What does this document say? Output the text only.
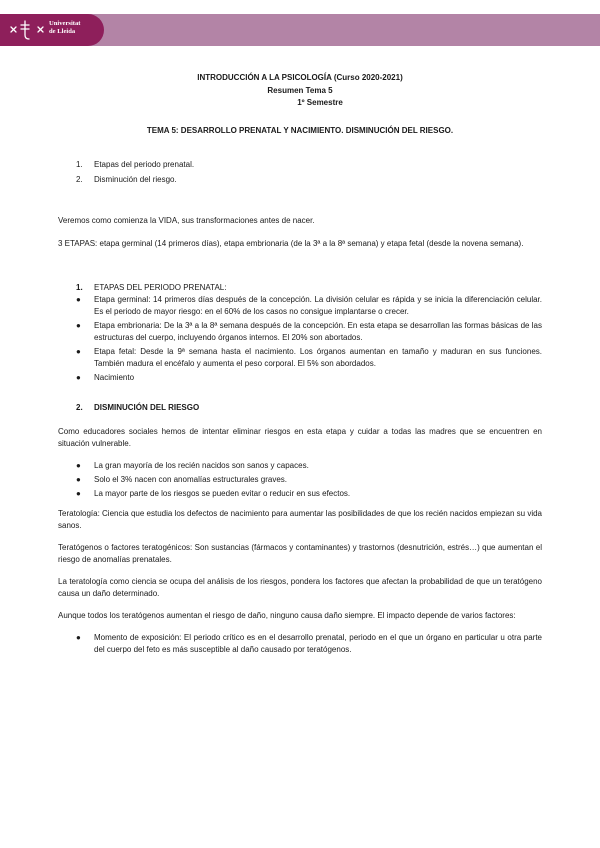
Universitat
de Lleida
INTRODUCCIÓN A LA PSICOLOGÍA (Curso 2020-2021)
Resumen Tema 5
1º Semestre
TEMA 5: DESARROLLO PRENATAL Y NACIMIENTO. DISMINUCIÓN DEL RIESGO.
1.	Etapas del periodo prenatal.
2.	Disminución del riesgo.

Veremos como comienza la VIDA, sus transformaciones antes de nacer.

3 ETAPAS: etapa germinal (14 primeros días), etapa embrionaria (de la 3ª a la 8ª semana) y etapa fetal (desde la novena semana).

1.	ETAPAS DEL PERIODO PRENATAL:
●	Etapa germinal: 14 primeros días después de la concepción. La división celular es rápida y se inicia la diferenciación celular. Es el periodo de mayor riesgo: en el 60% de los casos no consigue implantarse o crecer.
●	Etapa embrionaria: De la 3ª a la 8ª semana después de la concepción. En esta etapa se desarrollan las formas básicas de las estructuras del cuerpo, incluyendo órganos internos. El 20% son abortados.
●	Etapa fetal: Desde la 9ª semana hasta el nacimiento. Los órganos aumentan en tamaño y maduran en sus funciones. También madura el encéfalo y aumenta el peso corporal. El 5% son abordados.
●	Nacimiento
2.	DISMINUCIÓN DEL RIESGO

Como educadores sociales hemos de intentar eliminar riesgos en esta etapa y cuidar a todas las madres que se encuentren en situación vulnerable.

●	La gran mayoría de los recién nacidos son sanos y capaces.
●	Solo el 3% nacen con anomalías estructurales graves.
●	La mayor parte de los riesgos se pueden evitar o reducir en sus efectos.

Teratología: Ciencia que estudia los defectos de nacimiento para aumentar las posibilidades de que los recién nacidos empiezan su vida sanos.

Teratógenos o factores teratogénicos: Son sustancias (fármacos y contaminantes) y trastornos (desnutrición, estrés…) que aumentan el riesgo de anomalías prenatales.

La teratología como ciencia se ocupa del análisis de los riesgos, pondera los factores que afectan la probabilidad de que un teratógeno causa un daño determinado.

Aunque todos los teratógenos aumentan el riesgo de daño, ninguno causa daño siempre. El impacto depende de varios factores:

●	Momento de exposición: El periodo crítico es en el desarrollo prenatal, periodo en el que un órgano en particular u otra parte del cuerpo del feto es más susceptible al daño causado por teratógenos.
